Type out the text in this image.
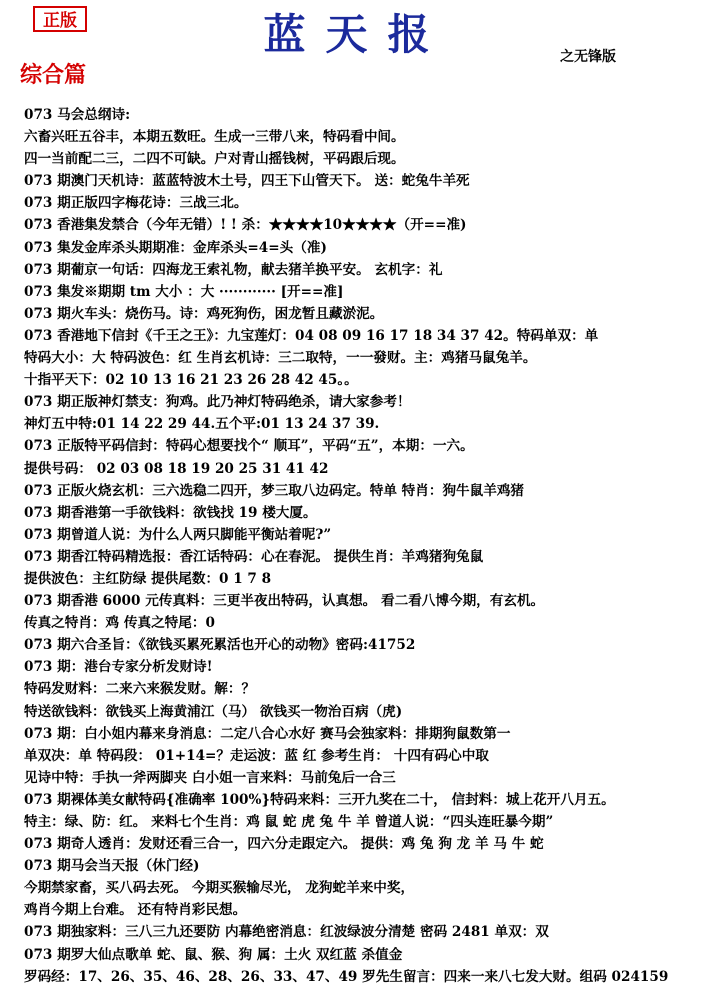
正版	蓝天报	之无锋版
综合篇
073 马会总纲诗:
六畜兴旺五谷丰，本期五数旺。生成一三带八来，特码看中间。
四一当前配二三，二四不可缺。户对青山摇钱树，平码跟后现。
073 期澳门天机诗：蓝蓝特波木土号，四王下山管天下。 送：蛇兔牛羊死
073 期正版四字梅花诗：三战三北。
073 香港集发禁合（今年无错）! ! 杀：★★★★10★★★★（开==准)
073 集发金库杀头期期准：金库杀头=4=头（准)
073 期葡京一句话：四海龙王索礼物，献去猪羊换平安。 玄机字：礼
073 集发※期期 tm 大小 ：大 ············ [开==准]
073 期火车头：烧伤马。诗：鸡死狗伤，困龙暂且藏淤泥。
073 香港地下信封《千王之王》：九宝莲灯：04 08 09 16 17 18 34 37 42。特码单双：单
特码大小：大 特码波色：红 生肖玄机诗：三二取特，一一發财。主：鸡猪马鼠兔羊。
十指平天下：02 10 13 16 21 23 26 28 42 45。。
073 期正版神灯禁支：狗鸡。此乃神灯特码绝杀，请大家参考！
神灯五中特:01 14 22 29 44.五个平:01 13 24 37 39.
073 正版特平码信封：特码心想要找个“ 顺耳”，平码“五”，本期：一六。
提供号码： 02 03 08 18 19 20 25 31 41 42
073 正版火烧玄机：三六选稳二四开，梦三取八边码定。特单 特肖：狗牛鼠羊鸡猪
073 期香港第一手欲钱料：欲钱找 19 楼大厦。
073 期曾道人说：为什么人两只脚能平衡站着呢?”
073 期香江特码精选报：香江话特码：心在春泥。 提供生肖：羊鸡猪狗兔鼠
提供波色：主红防绿 提供尾数：0 1 7 8
073 期香港 6000 元传真料：三更半夜出特码，认真想。 看二看八博今期，有玄机。
传真之特肖：鸡 传真之特尾：0
073 期六合圣旨：《欲钱买累死累活也开心的动物》密码:41752
073 期：港台专家分析发财诗!
特码发财料：二来六来猴发财。解：？
特送欲钱料：欲钱买上海黄浦江（马） 欲钱买一物治百病（虎)
073 期：白小姐内幕来身消息：二定八合心水好 赛马会独家料：排期狗鼠数第一
单双决：单 特码段： 01+14=？走运波：蓝 红 参考生肖： 十四有码心中取
见诗中特：手执一斧两脚夹 白小姐一言来料：马前兔后一合三
073 期裸体美女献特码{准确率 100%}特码来料：三开九奖在二十， 信封料：城上花开八月五。
特主：绿、防：红。 来料七个生肖：鸡 鼠 蛇 虎 兔 牛 羊 曾道人说：“四头连旺暴今期”
073 期奇人透肖：发财还看三合一，四六分走跟定六。 提供：鸡 兔 狗 龙 羊 马 牛 蛇
073 期马会当天报（休门经)
今期禁家畜，买八码去死。 今期买猴输尽光， 龙狗蛇羊来中奖，
鸡肖今期上台难。 还有特肖彩民想。
073 期独家料：三八三九还要防 内幕绝密消息：红波绿波分清楚 密码 2481 单双：双
073 期罗大仙点歌单 蛇、鼠、猴、狗 属：土火 双红蓝 杀值金
罗码经：17、26、35、46、28、26、33、47、49 罗先生留言：四来一来八七发大财。组码 024159
